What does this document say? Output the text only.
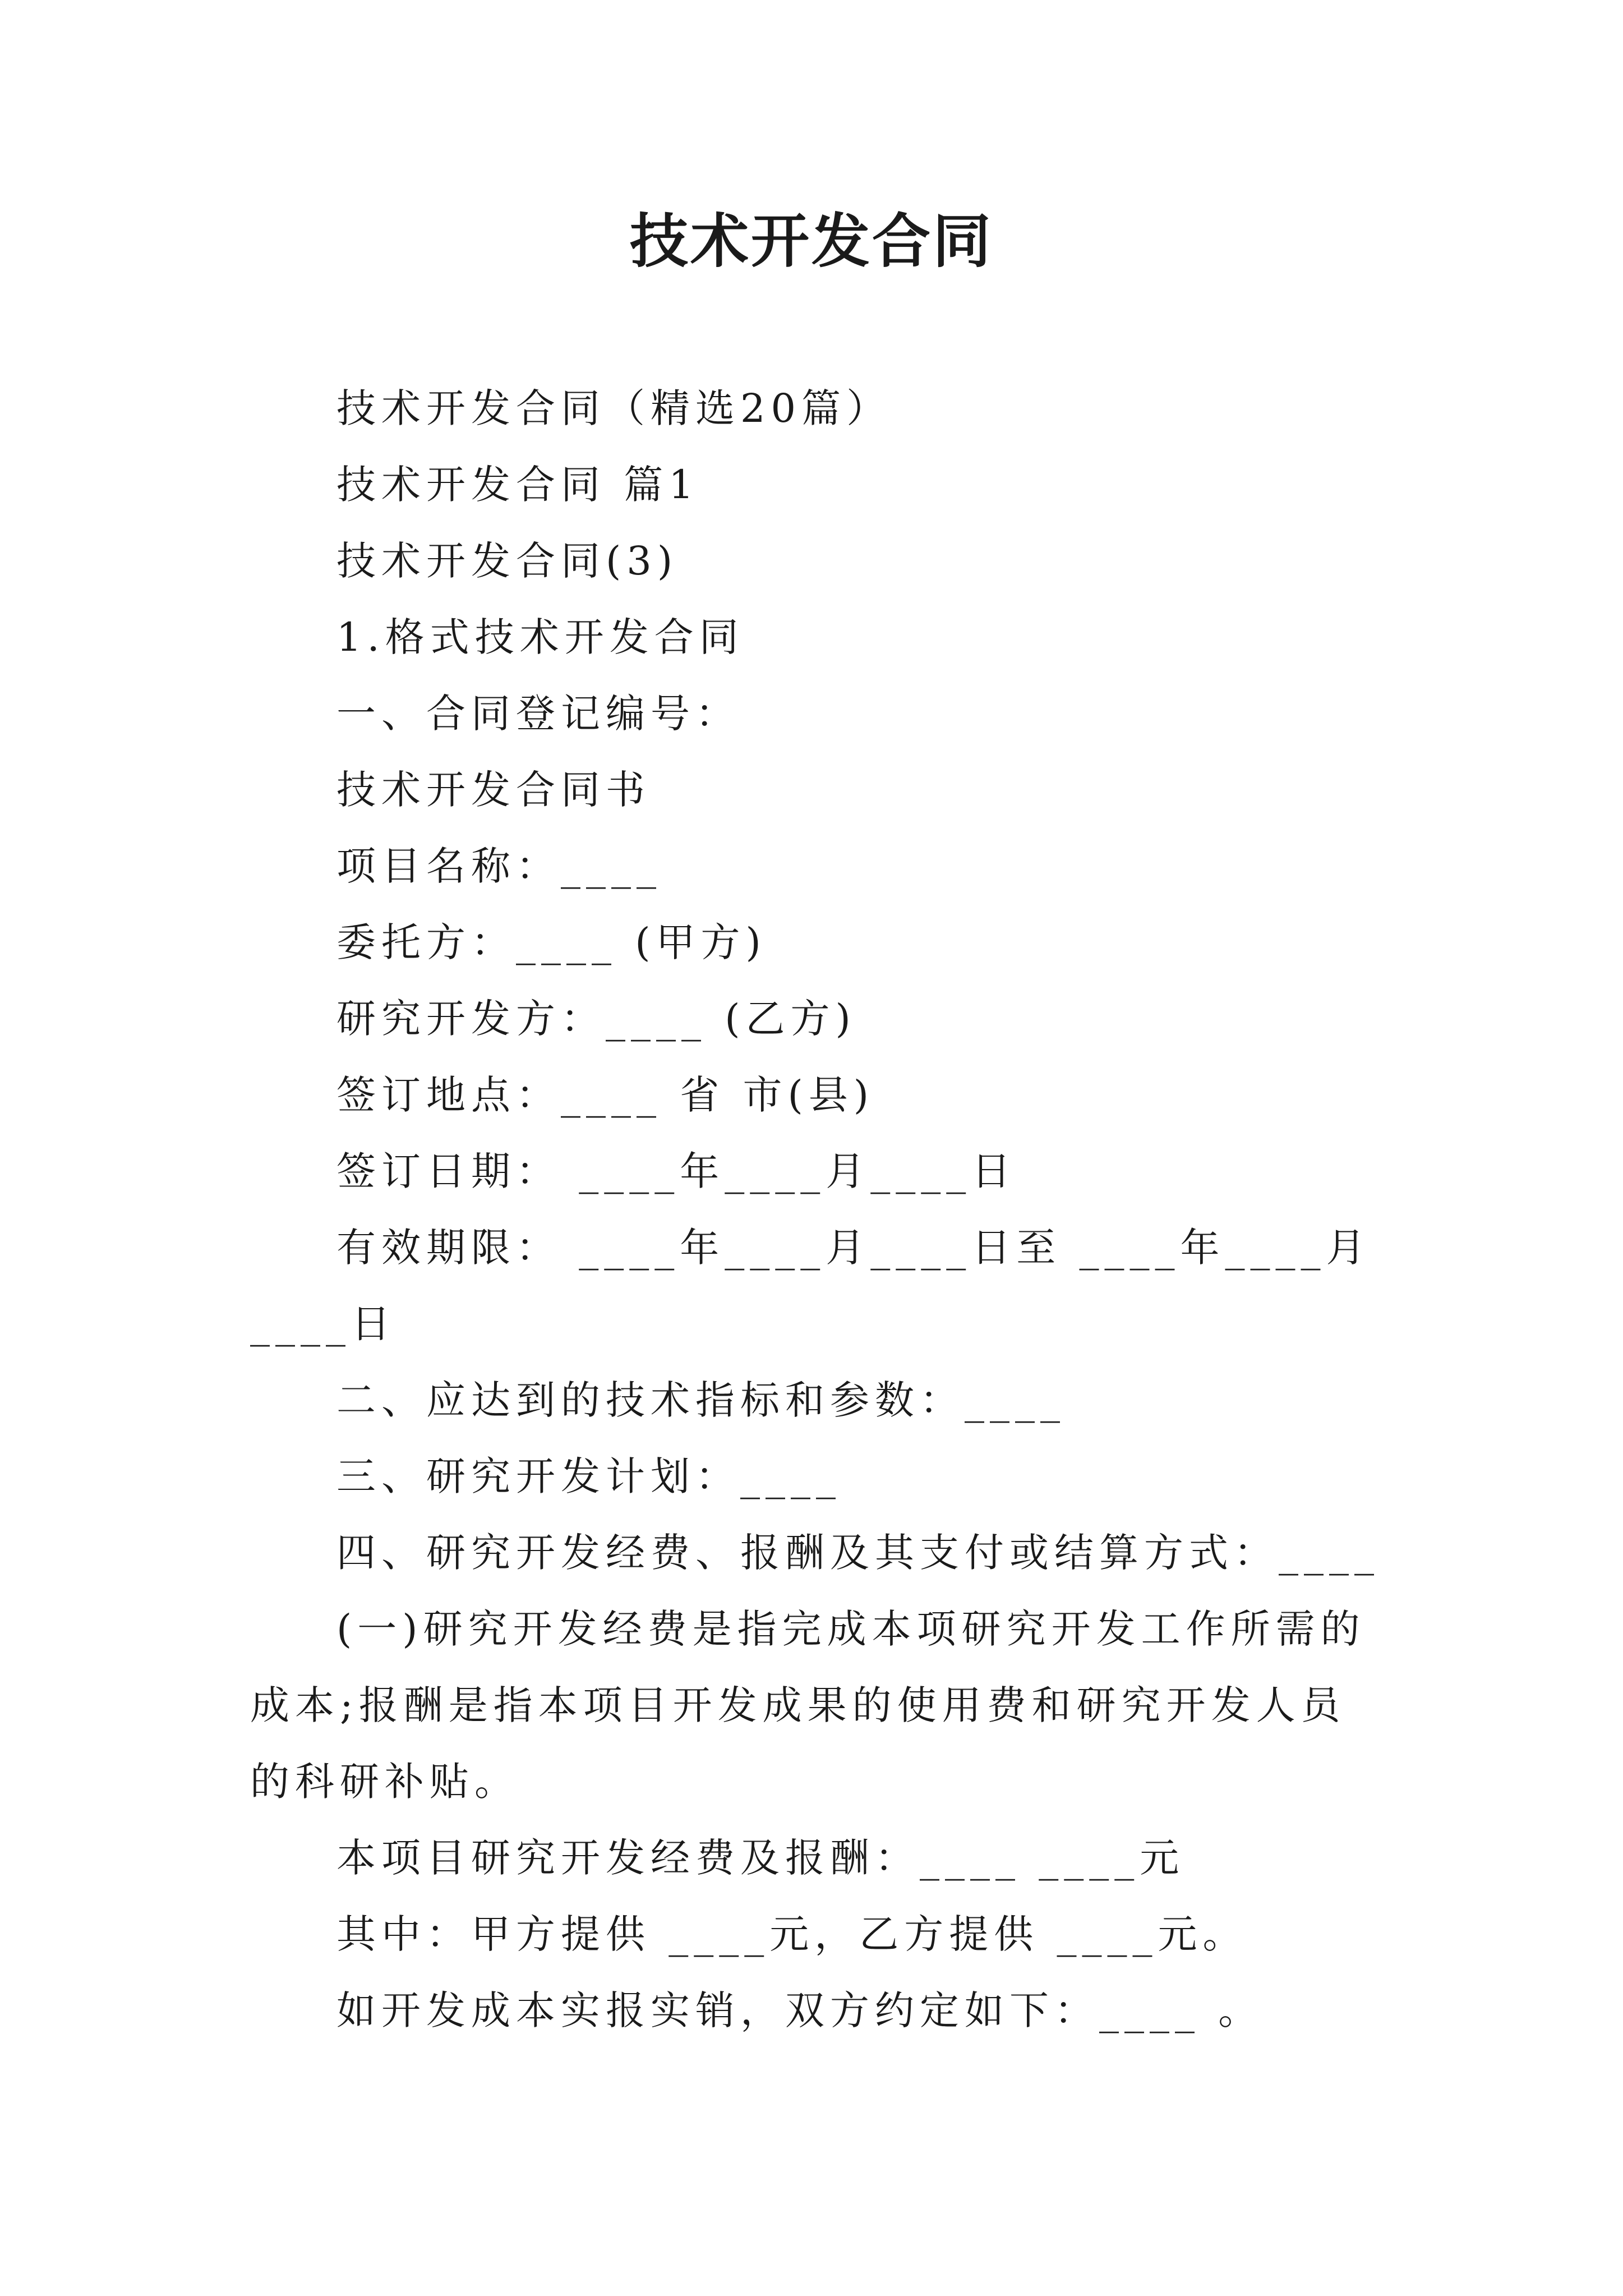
技术开发合同

技术开发合同（精选20篇）

技术开发合同 篇1

技术开发合同(3)

1.格式技术开发合同

一、合同登记编号：

技术开发合同书

项目名称：____

委托方：____ (甲方)

研究开发方：____ (乙方)

签订地点：____ 省 市(县)

签订日期： ____年____月____日

有效期限： ____年____月____日至 ____年____月____日

二、应达到的技术指标和参数：____

三、研究开发计划：____

四、研究开发经费、报酬及其支付或结算方式：____

(一)研究开发经费是指完成本项研究开发工作所需的成本;报酬是指本项目开发成果的使用费和研究开发人员的科研补贴。

本项目研究开发经费及报酬：____ ____元

其中：甲方提供 ____元，乙方提供 ____元。

如开发成本实报实销，双方约定如下：____ 。
